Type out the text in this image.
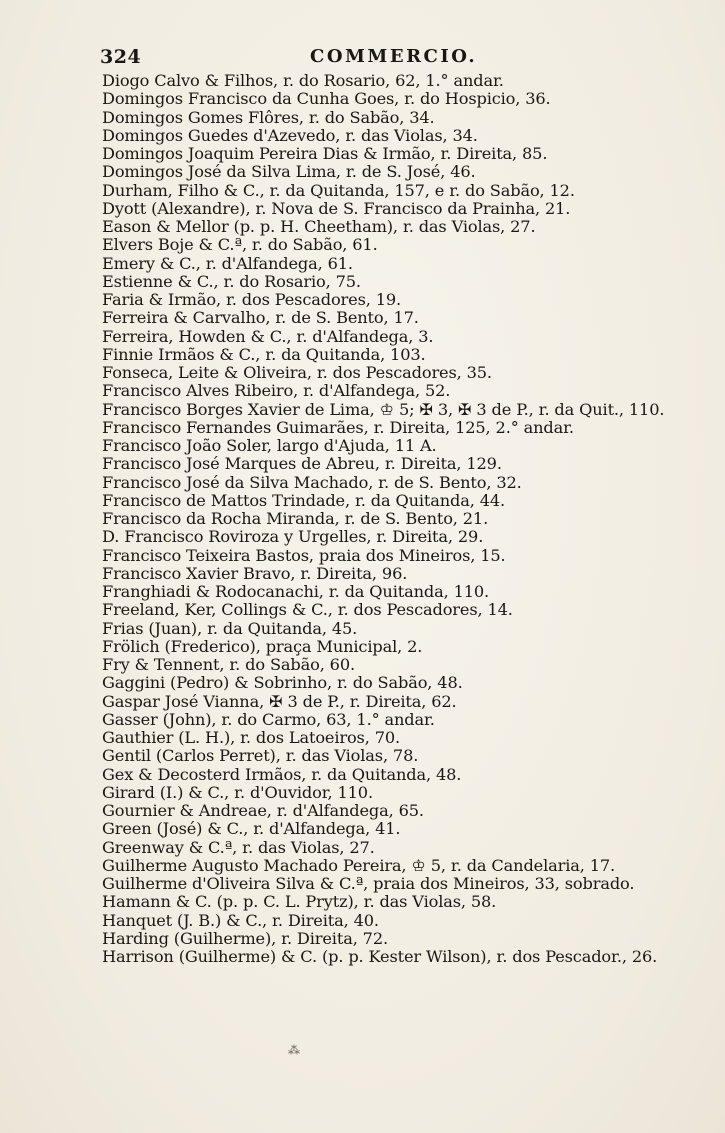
324	COMMERCIO.
Diogo Calvo & Filhos, r. do Rosario, 62, 1.° andar.
Domingos Francisco da Cunha Goes, r. do Hospicio, 36.
Domingos Gomes Flôres, r. do Sabão, 34.
Domingos Guedes d'Azevedo, r. das Violas, 34.
Domingos Joaquim Pereira Dias & Irmão, r. Direita, 85.
Domingos José da Silva Lima, r. de S. José, 46.
Durham, Filho & C., r. da Quitanda, 157, e r. do Sabão, 12.
Dyott (Alexandre), r. Nova de S. Francisco da Prainha, 21.
Eason & Mellor (p. p. H. Cheetham), r. das Violas, 27.
Elvers Boje & C.ª, r. do Sabão, 61.
Emery & C., r. d'Alfandega, 61.
Estienne & C., r. do Rosario, 75.
Faria & Irmão, r. dos Pescadores, 19.
Ferreira & Carvalho, r. de S. Bento, 17.
Ferreira, Howden & C., r. d'Alfandega, 3.
Finnie Irmãos & C., r. da Quitanda, 103.
Fonseca, Leite & Oliveira, r. dos Pescadores, 35.
Francisco Alves Ribeiro, r. d'Alfandega, 52.
Francisco Borges Xavier de Lima, ♔ 5; ✠ 3, ✠ 3 de P., r. da Quit., 110.
Francisco Fernandes Guimarães, r. Direita, 125, 2.° andar.
Francisco João Soler, largo d'Ajuda, 11 A.
Francisco José Marques de Abreu, r. Direita, 129.
Francisco José da Silva Machado, r. de S. Bento, 32.
Francisco de Mattos Trindade, r. da Quitanda, 44.
Francisco da Rocha Miranda, r. de S. Bento, 21.
D. Francisco Roviroza y Urgelles, r. Direita, 29.
Francisco Teixeira Bastos, praia dos Mineiros, 15.
Francisco Xavier Bravo, r. Direita, 96.
Franghiadi & Rodocanachi, r. da Quitanda, 110.
Freeland, Ker, Collings & C., r. dos Pescadores, 14.
Frias (Juan), r. da Quitanda, 45.
Frölich (Frederico), praça Municipal, 2.
Fry & Tennent, r. do Sabão, 60.
Gaggini (Pedro) & Sobrinho, r. do Sabão, 48.
Gaspar José Vianna, ✠ 3 de P., r. Direita, 62.
Gasser (John), r. do Carmo, 63, 1.° andar.
Gauthier (L. H.), r. dos Latoeiros, 70.
Gentil (Carlos Perret), r. das Violas, 78.
Gex & Decosterd Irmãos, r. da Quitanda, 48.
Girard (I.) & C., r. d'Ouvidor, 110.
Gournier & Andreae, r. d'Alfandega, 65.
Green (José) & C., r. d'Alfandega, 41.
Greenway & C.ª, r. das Violas, 27.
Guilherme Augusto Machado Pereira, ♔ 5, r. da Candelaria, 17.
Guilherme d'Oliveira Silva & C.ª, praia dos Mineiros, 33, sobrado.
Hamann & C. (p. p. C. L. Prytz), r. das Violas, 58.
Hanquet (J. B.) & C., r. Direita, 40.
Harding (Guilherme), r. Direita, 72.
Harrison (Guilherme) & C. (p. p. Kester Wilson), r. dos Pescador., 26.
⁂
